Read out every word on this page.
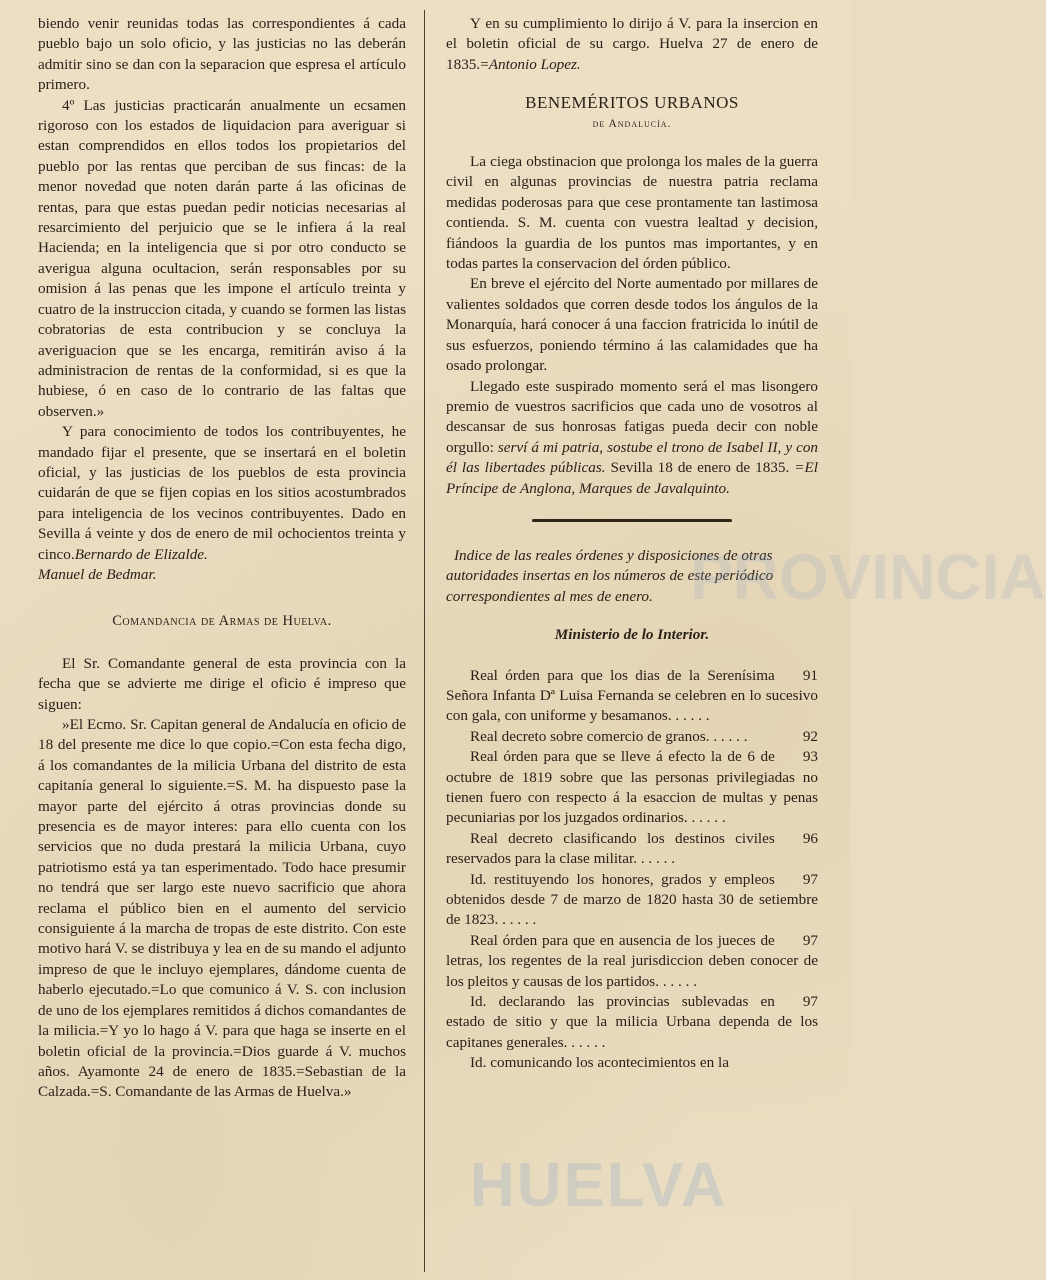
biendo venir reunidas todas las correspondientes á cada pueblo bajo un solo oficio, y las justicias no las deberán admitir sino se dan con la separacion que espresa el artículo primero.

4º Las justicias practicarán anualmente un ecsamen rigoroso con los estados de liquidacion para averiguar si estan comprendidos en ellos todos los propietarios del pueblo por las rentas que perciban de sus fincas: de la menor novedad que noten darán parte á las oficinas de rentas, para que estas puedan pedir noticias necesarias al resarcimiento del perjuicio que se le infiera á la real Hacienda; en la inteligencia que si por otro conducto se averigua alguna ocultacion, serán responsables por su omision á las penas que les impone el artículo treinta y cuatro de la instruccion citada, y cuando se formen las listas cobratorias de esta contribucion y se concluya la averiguacion que se les encarga, remitirán aviso á la administracion de rentas de la conformidad, si es que la hubiese, ó en caso de lo contrario de las faltas que observen.»

Y para conocimiento de todos los contribuyentes, he mandado fijar el presente, que se insertará en el boletin oficial, y las justicias de los pueblos de esta provincia cuidarán de que se fijen copias en los sitios acostumbrados para inteligencia de los vecinos contribuyentes. Dado en Sevilla á veinte y dos de enero de mil ochocientos treinta y cinco.Bernardo de Elizalde.

Manuel de Bedmar.

Comandancia de Armas de Huelva.

El Sr. Comandante general de esta provincia con la fecha que se advierte me dirige el oficio é impreso que siguen:

»El Ecmo. Sr. Capitan general de Andalucía en oficio de 18 del presente me dice lo que copio.=Con esta fecha digo, á los comandantes de la milicia Urbana del distrito de esta capitanía general lo siguiente.=S. M. ha dispuesto pase la mayor parte del ejército á otras provincias donde su presencia es de mayor interes: para ello cuenta con los servicios que no duda prestará la milicia Urbana, cuyo patriotismo está ya tan esperimentado. Todo hace presumir no tendrá que ser largo este nuevo sacrificio que ahora reclama el público bien en el aumento del servicio consiguiente á la marcha de tropas de este distrito. Con este motivo hará V. se distribuya y lea en de su mando el adjunto impreso de que le incluyo ejemplares, dándome cuenta de haberlo ejecutado.=Lo que comunico á V. S. con inclusion de uno de los ejemplares remitidos á dichos comandantes de la milicia.=Y yo lo hago á V. para que haga se inserte en el boletin oficial de la provincia.=Dios guarde á V. muchos años. Ayamonte 24 de enero de 1835.=Sebastian de la Calzada.=S. Comandante de las Armas de Huelva.»

Y en su cumplimiento lo dirijo á V. para la insercion en el boletin oficial de su cargo. Huelva 27 de enero de 1835.=Antonio Lopez.

BENEMÉRITOS URBANOS
de Andalucía.

La ciega obstinacion que prolonga los males de la guerra civil en algunas provincias de nuestra patria reclama medidas poderosas para que cese prontamente tan lastimosa contienda. S. M. cuenta con vuestra lealtad y decision, fiándoos la guardia de los puntos mas importantes, y en todas partes la conservacion del órden público.

En breve el ejército del Norte aumentado por millares de valientes soldados que corren desde todos los ángulos de la Monarquía, hará conocer á una faccion fratricida lo inútil de sus esfuerzos, poniendo término á las calamidades que ha osado prolongar.

Llegado este suspirado momento será el mas lisongero premio de vuestros sacrificios que cada uno de vosotros al descansar de sus honrosas fatigas pueda decir con noble orgullo: serví á mi patria, sostube el trono de Isabel II, y con él las libertades públicas. Sevilla 18 de enero de 1835. =El Príncipe de Anglona, Marques de Javalquinto.

Indice de las reales órdenes y disposiciones de otras autoridades insertas en los números de este periódico correspondientes al mes de enero.

Ministerio de lo Interior.

91
Real órden para que los dias de la Serenísima Señora Infanta Dª Luisa Fernanda se celebren en lo sucesivo con gala, con uniforme y besamanos. . . . . .

92
Real decreto sobre comercio de granos. . . . . .

93
Real órden para que se lleve á efecto la de 6 de octubre de 1819 sobre que las personas privilegiadas no tienen fuero con respecto á la esaccion de multas y penas pecuniarias por los juzgados ordinarios. . . . . .

96
Real decreto clasificando los destinos civiles reservados para la clase militar. . . . . .

97
Id. restituyendo los honores, grados y empleos obtenidos desde 7 de marzo de 1820 hasta 30 de setiembre de 1823. . . . . .

97
Real órden para que en ausencia de los jueces de letras, los regentes de la real jurisdiccion deben conocer de los pleitos y causas de los partidos. . . . . .

97
Id. declarando las provincias sublevadas en estado de sitio y que la milicia Urbana dependa de los capitanes generales. . . . . .

Id. comunicando los acontecimientos en la

PROVINCIA
HUELVA
